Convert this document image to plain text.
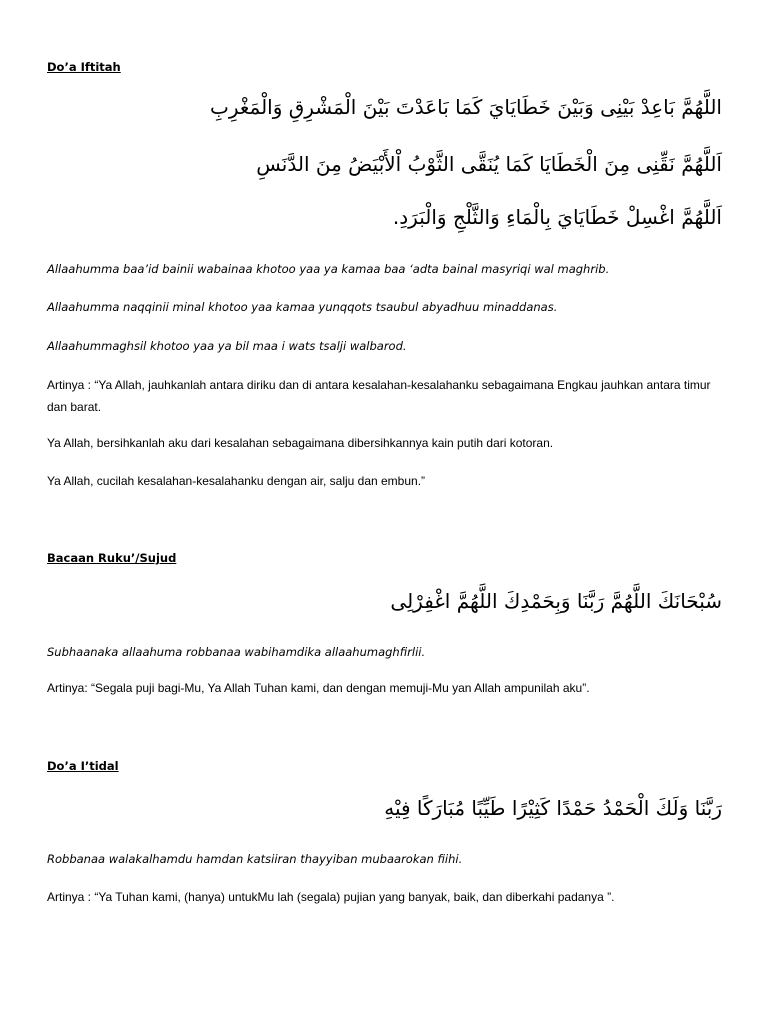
Do’a Iftitah
اللَّهُمَّ بَاعِدْ بَيْنِى وَبَيْنَ خَطَايَايَ كَمَا بَاعَدْتَ بَيْنَ الْمَشْرِقِ وَالْمَغْرِبِ
اَللَّهُمَّ نَقِّنِى مِنَ الْخَطَايَا كَمَا يُنَقَّى الثَّوْبُ اْلأَبْيَضُ مِنَ الدَّنَسِ
اَللَّهُمَّ اغْسِلْ خَطَايَايَ بِالْمَاءِ وَالثَّلْجِ وَالْبَرَدِ.
Allaahumma baa’id bainii wabainaa khotoo yaa ya kamaa baa ‘adta bainal masyriqi wal maghrib.
Allaahumma naqqinii minal khotoo yaa kamaa yunqqots tsaubul abyadhuu minaddanas.
Allaahummaghsil khotoo yaa ya bil maa i wats tsalji walbarod.
Artinya : “Ya Allah, jauhkanlah antara diriku dan di antara kesalahan-kesalahanku sebagaimana Engkau jauhkan antara timur dan barat.
Ya Allah, bersihkanlah aku dari kesalahan sebagaimana dibersihkannya kain putih dari kotoran.
Ya Allah, cucilah kesalahan-kesalahanku dengan air, salju dan embun.”
Bacaan Ruku’/Sujud
سُبْحَانَكَ اللَّهُمَّ رَبَّنَا وَبِحَمْدِكَ اللَّهُمَّ اغْفِرْلِى
Subhaanaka allaahuma robbanaa wabihamdika allaahumaghfirlii.
Artinya: “Segala puji bagi-Mu, Ya Allah Tuhan kami, dan dengan memuji-Mu yan Allah ampunilah aku”.
Do’a I’tidal
رَبَّنَا وَلَكَ الْحَمْدُ حَمْدًا كَثِيْرًا طَيِّبًا مُبَارَكًا فِيْهِ
Robbanaa walakalhamdu hamdan katsiiran thayyiban mubaarokan fiihi.
Artinya : “Ya Tuhan kami, (hanya) untukMu lah (segala) pujian yang banyak, baik, dan diberkahi padanya ”.
